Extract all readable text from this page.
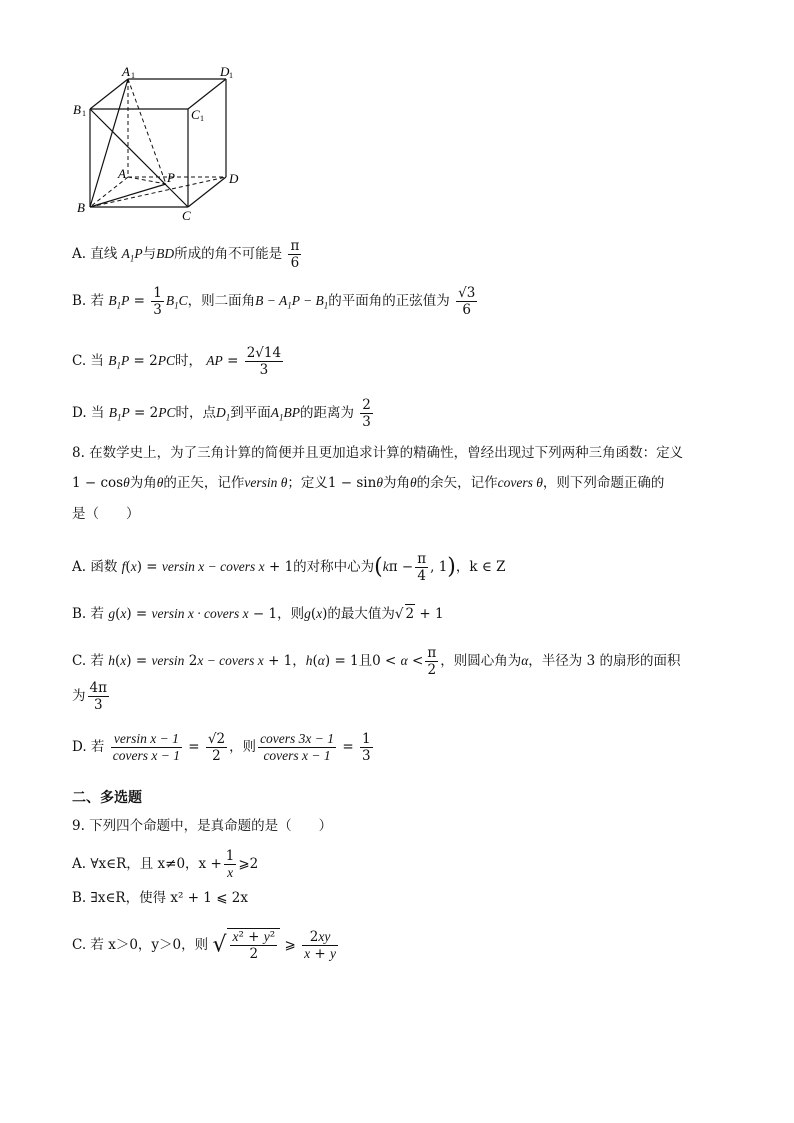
A 1	D 1
B 1	C 1
A	P	D
B
C
A. 直线 $A_1P$与BD所成的角不可能是 $\frac{\pi}{6}$
B. 若 $B_1P = \frac{1}{3} B_1C$，则二面角$B - A_1P - B_1$的平面角的正弦值为 $\frac{√3}{6}$
C. 当 $B_1P = 2PC$时， AP = $\frac{2√14}{3}$
D. 当 $B_1P = 2PC$时，点$D_1$到平面$A_1BP$的距离为 $\frac{2}{3}$
8. 在数学史上，为了三角计算的简便并且更加追求计算的精确性，曾经出现过下列两种三角函数：定义
1 − cosθ为角θ的正矢，记作versin θ；定义1 − sinθ为角θ的余矢，记作covers θ，则下列命题正确的
是（　　）
A. 函数 f(x) = versin x − covers x + 1的对称中心为($k\pi - \frac{\pi}{4}$ , 1)，k ∈ Z
B. 若 g(x) = versin x · covers x − 1，则g(x)的最大值为√ 2 + 1
C. 若 h(x) = versin 2x − covers x + 1，h(α) = 1且$0 < \alpha < \frac{\pi}{2}$ ，则圆心角为α，半径为 3 的扇形的面积
为 $\frac{4\pi}{3}$
D. 若 $\frac{\text{versin x − 1}}{\text{covers x − 1}} = \frac{√2}{2}$ ，则 $\frac{\text{covers 3x − 1}}{\text{covers x − 1}} = \frac{1}{3}$
二、多选题
9. 下列四个命题中，是真命题的是（　　）
A. ∀x∈R，且 x≠0，$x + \frac{1}{x}$ ⩾2
B. ∃x∈R，使得 x² + 1 ⩽ 2x
C. 若 x＞0，y＞0，则 √ $\frac{\text{x² + y²}}{2}$ ⩾ $\frac{2xy}{x + y}$
